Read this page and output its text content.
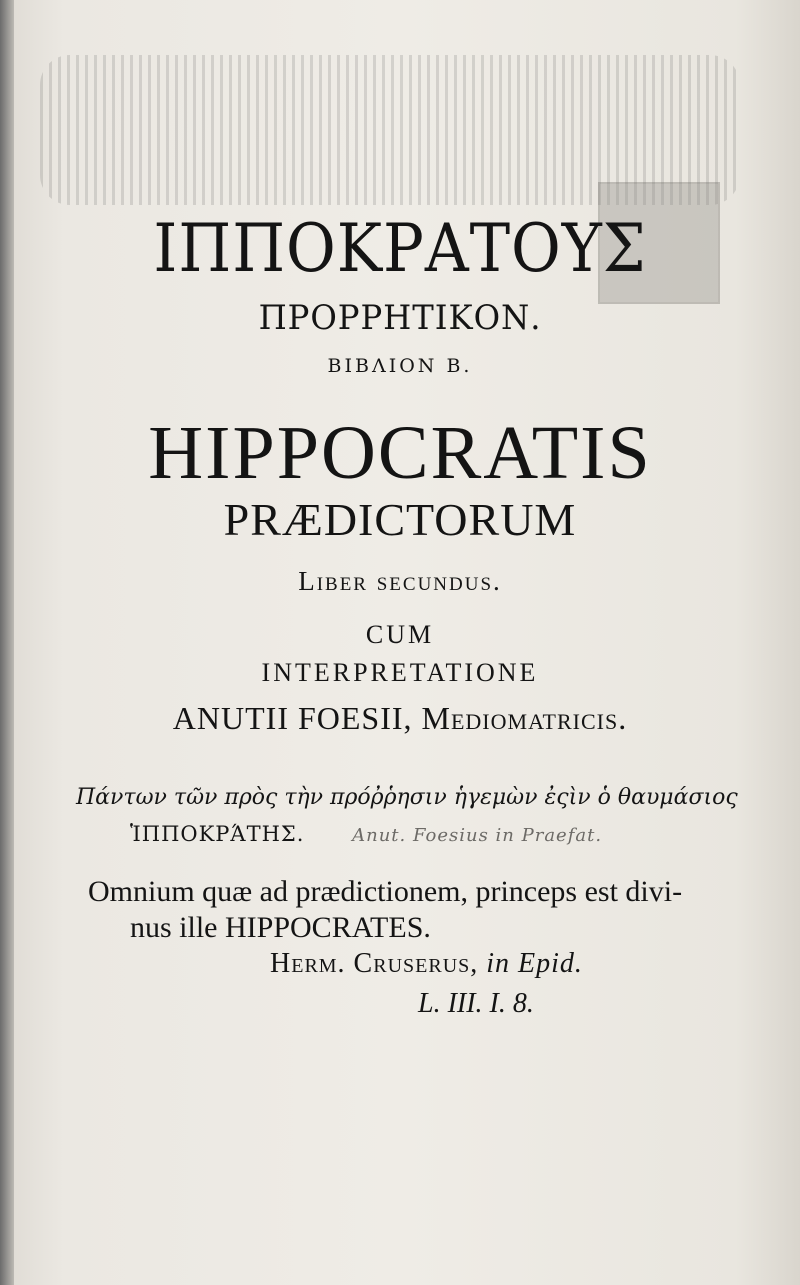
ΙΠΠΟΚΡΑΤΟΥΣ
ΠΡΟΡΡΗΤΙΚΟΝ.
ΒΙΒΛΙΟΝ Β.
HIPPOCRATIS
PRÆDICTORUM
Liber secundus.
CUM
INTERPRETATIONE
ANUTII FOESII, Mediomatricis.
Πάντων τῶν πρὸς τὴν πρόῤῥησιν ἡγεμὼν ἐςὶν ὁ θαυμάσιος
ἹΠΠΟΚΡΆΤΗΣ.	Anut. Foesius in Praefat.
Omnium quæ ad prædictionem, princeps est divi-
nus ille HIPPOCRATES.
Herm. Cruserus, in Epid.
L. III. I. 8.
